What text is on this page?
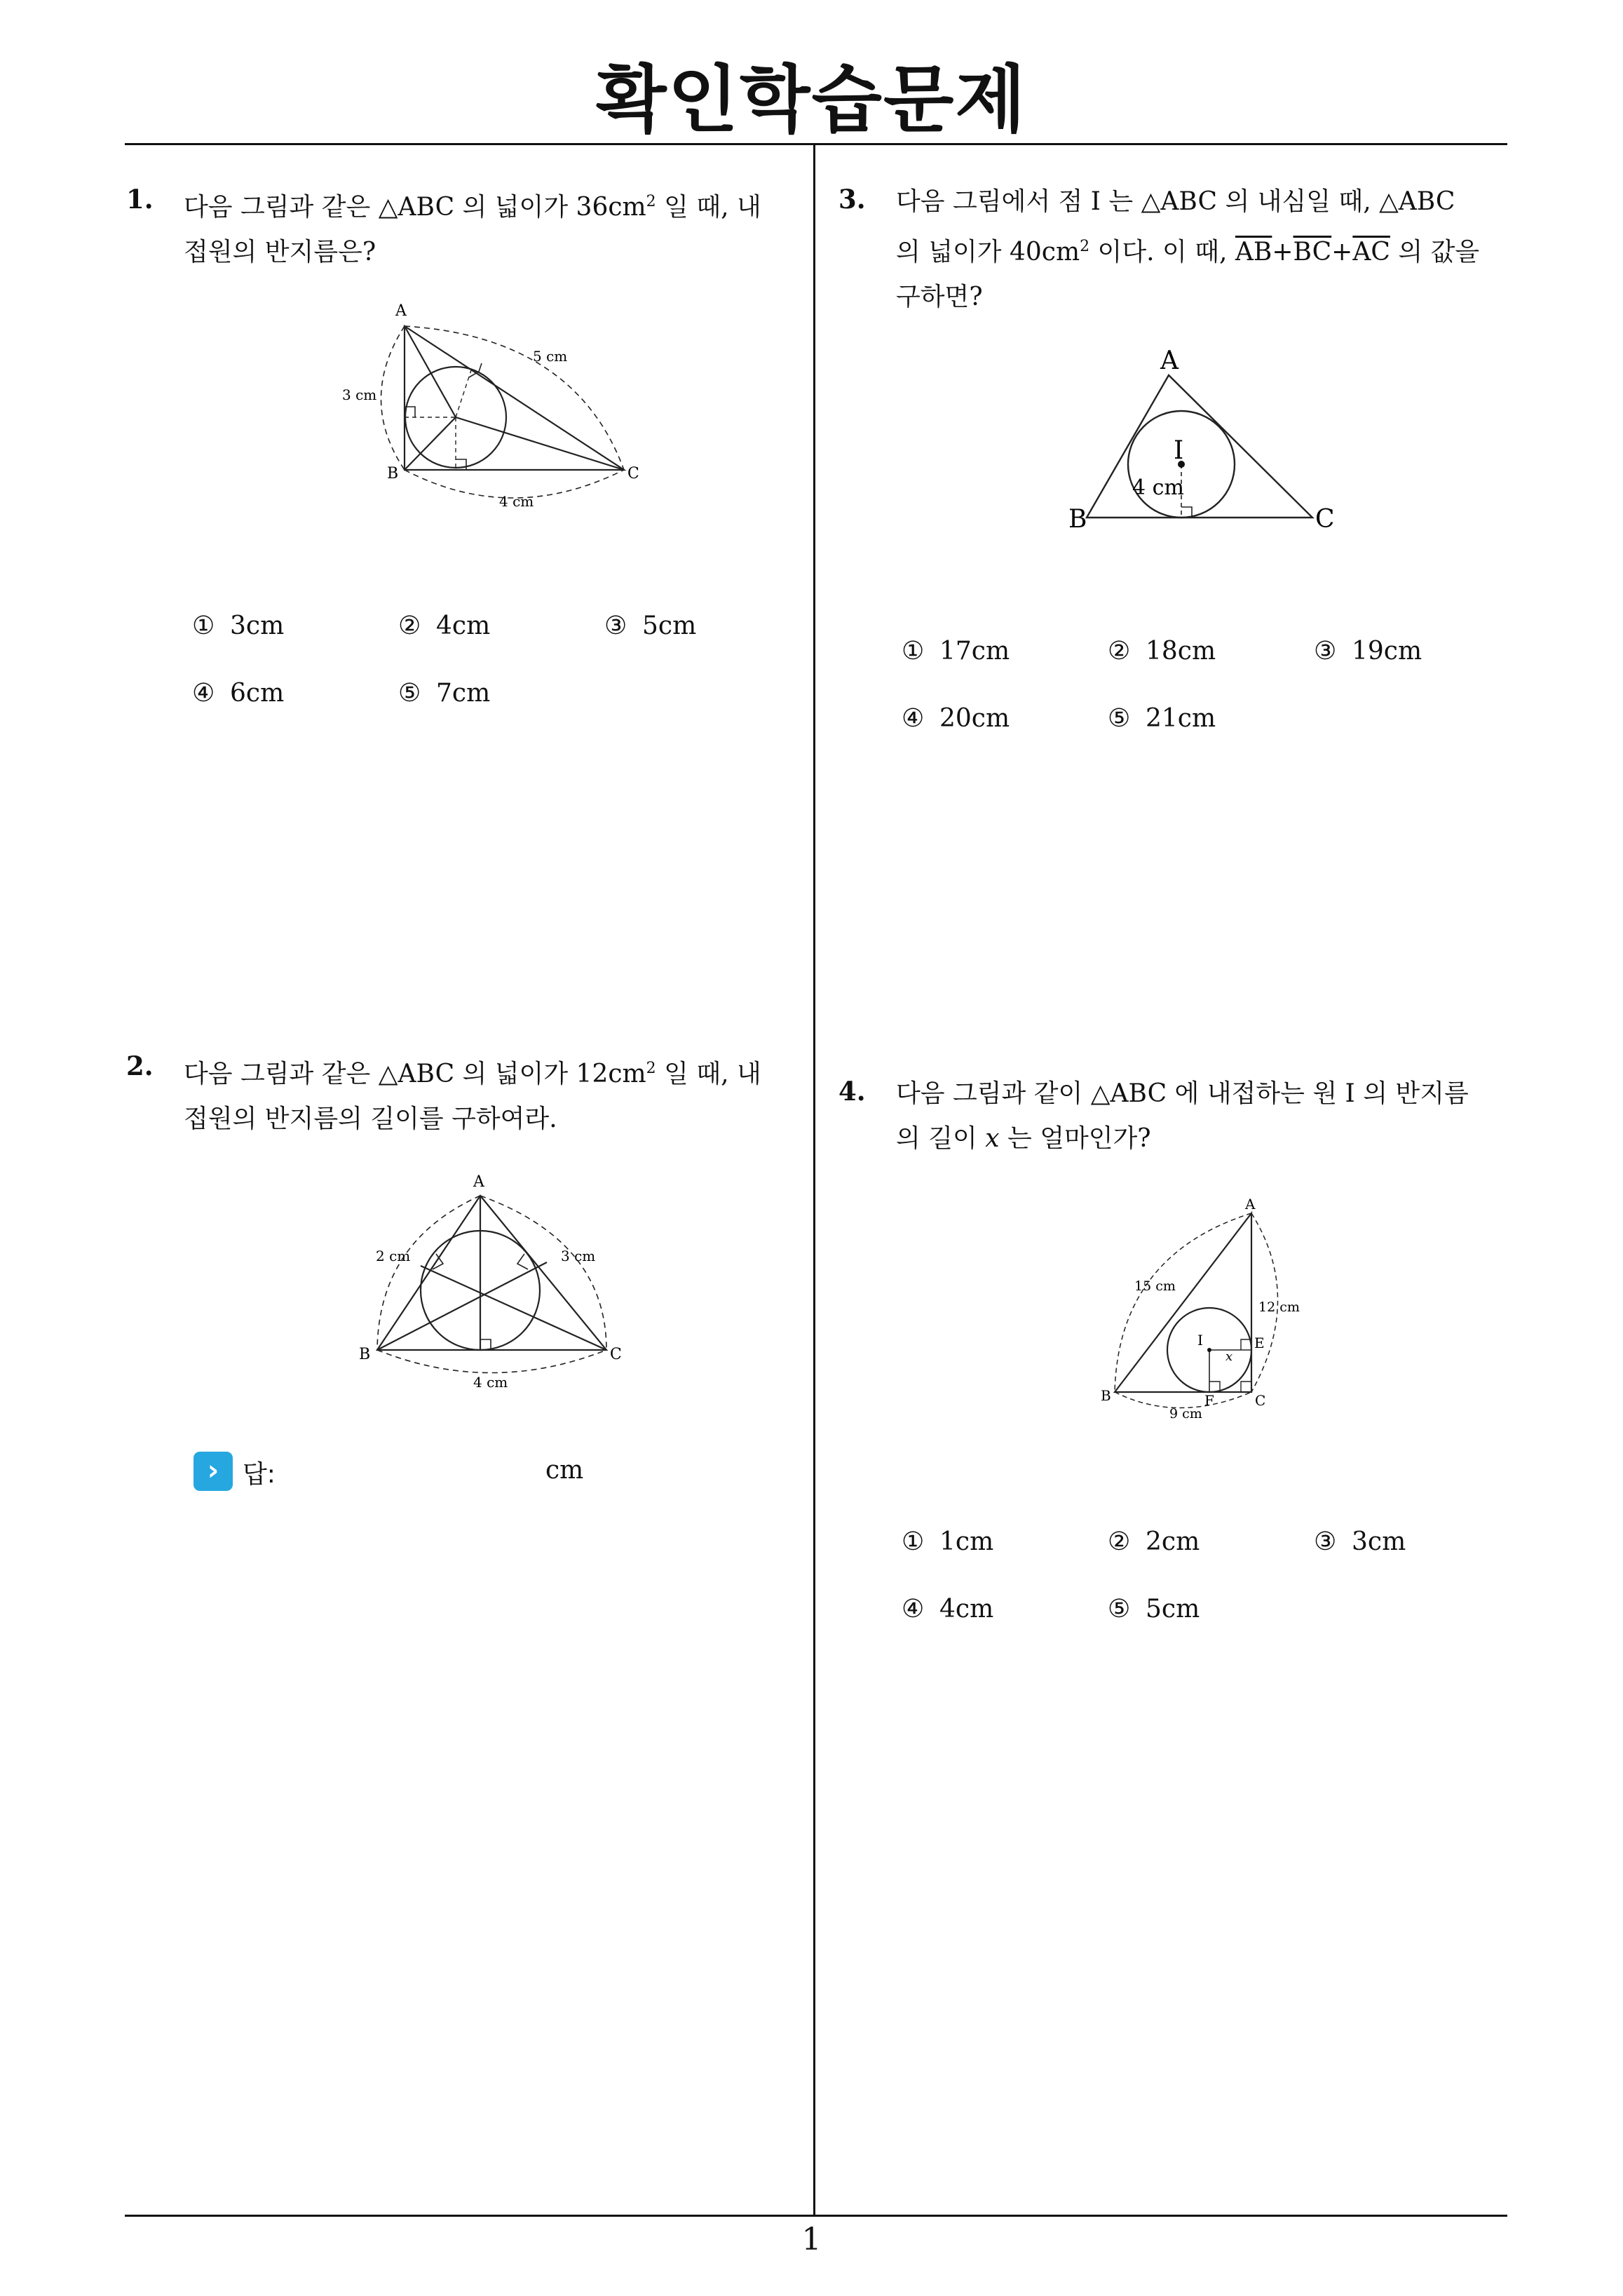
확인학습문제
1. 다음 그림과 같은 △ABC 의 넓이가 $36cm^2$ 일 때, 내
접원의 반지름은?
A
B	C
3 cm
5 cm
4 cm
① 3cm	② 4cm	③ 5cm
④ 6cm	⑤ 7cm
2. 다음 그림과 같은 △ABC 의 넓이가 $12cm^2$ 일 때, 내
접원의 반지름의 길이를 구하여라.
A
B	C
2 cm	3 cm
4 cm
› 답:	cm
3. 다음 그림에서 점 I 는 △ABC 의 내심일 때, △ABC
의 넓이가 $40cm^2$ 이다. 이 때, $\overline{AB}+\overline{BC}+\overline{AC}$ 의 값을
구하면?
A
B	C
I
4 cm
① 17cm	② 18cm	③ 19cm
④ 20cm	⑤ 21cm
4. 다음 그림과 같이 △ABC 에 내접하는 원 I 의 반지름
의 길이 x 는 얼마인가?
A
B	C
I	E
F
x
15 cm
12 cm
9 cm
① 1cm	② 2cm	③ 3cm
④ 4cm	⑤ 5cm
1
